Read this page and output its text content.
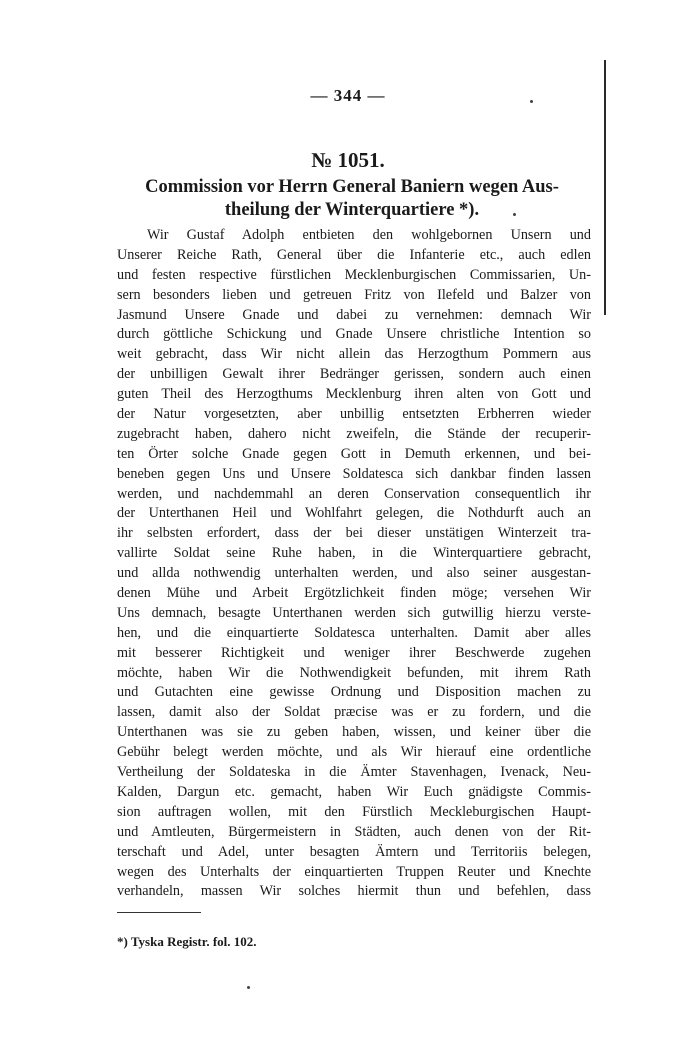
— 344 —
№ 1051.
Commission vor Herrn General Baniern wegen Aus-
theilung der Winterquartiere *).
Wir Gustaf Adolph entbieten den wohlgebornen Unsern und
Unserer Reiche Rath, General über die Infanterie etc., auch edlen
und festen respective fürstlichen Mecklenburgischen Commissarien, Un-
sern besonders lieben und getreuen Fritz von Ilefeld und Balzer von
Jasmund Unsere Gnade und dabei zu vernehmen: demnach Wir
durch göttliche Schickung und Gnade Unsere christliche Intention so
weit gebracht, dass Wir nicht allein das Herzogthum Pommern aus
der unbilligen Gewalt ihrer Bedränger gerissen, sondern auch einen
guten Theil des Herzogthums Mecklenburg ihren alten von Gott und
der Natur vorgesetzten, aber unbillig entsetzten Erbherren wieder
zugebracht haben, dahero nicht zweifeln, die Stände der recuperir-
ten Örter solche Gnade gegen Gott in Demuth erkennen, und bei-
beneben gegen Uns und Unsere Soldatesca sich dankbar finden lassen
werden, und nachdemmahl an deren Conservation consequentlich ihr
der Unterthanen Heil und Wohlfahrt gelegen, die Nothdurft auch an
ihr selbsten erfordert, dass der bei dieser unstätigen Winterzeit tra-
vallirte Soldat seine Ruhe haben, in die Winterquartiere gebracht,
und allda nothwendig unterhalten werden, und also seiner ausgestan-
denen Mühe und Arbeit Ergötzlichkeit finden möge; versehen Wir
Uns demnach, besagte Unterthanen werden sich gutwillig hierzu verste-
hen, und die einquartierte Soldatesca unterhalten. Damit aber alles
mit besserer Richtigkeit und weniger ihrer Beschwerde zugehen
möchte, haben Wir die Nothwendigkeit befunden, mit ihrem Rath
und Gutachten eine gewisse Ordnung und Disposition machen zu
lassen, damit also der Soldat præcise was er zu fordern, und die
Unterthanen was sie zu geben haben, wissen, und keiner über die
Gebühr belegt werden möchte, und als Wir hierauf eine ordentliche
Vertheilung der Soldateska in die Ämter Stavenhagen, Ivenack, Neu-
Kalden, Dargun etc. gemacht, haben Wir Euch gnädigste Commis-
sion auftragen wollen, mit den Fürstlich Meckleburgischen Haupt-
und Amtleuten, Bürgermeistern in Städten, auch denen von der Rit-
terschaft und Adel, unter besagten Ämtern und Territoriis belegen,
wegen des Unterhalts der einquartierten Truppen Reuter und Knechte
verhandeln, massen Wir solches hiermit thun und befehlen, dass
*) Tyska Registr. fol. 102.
